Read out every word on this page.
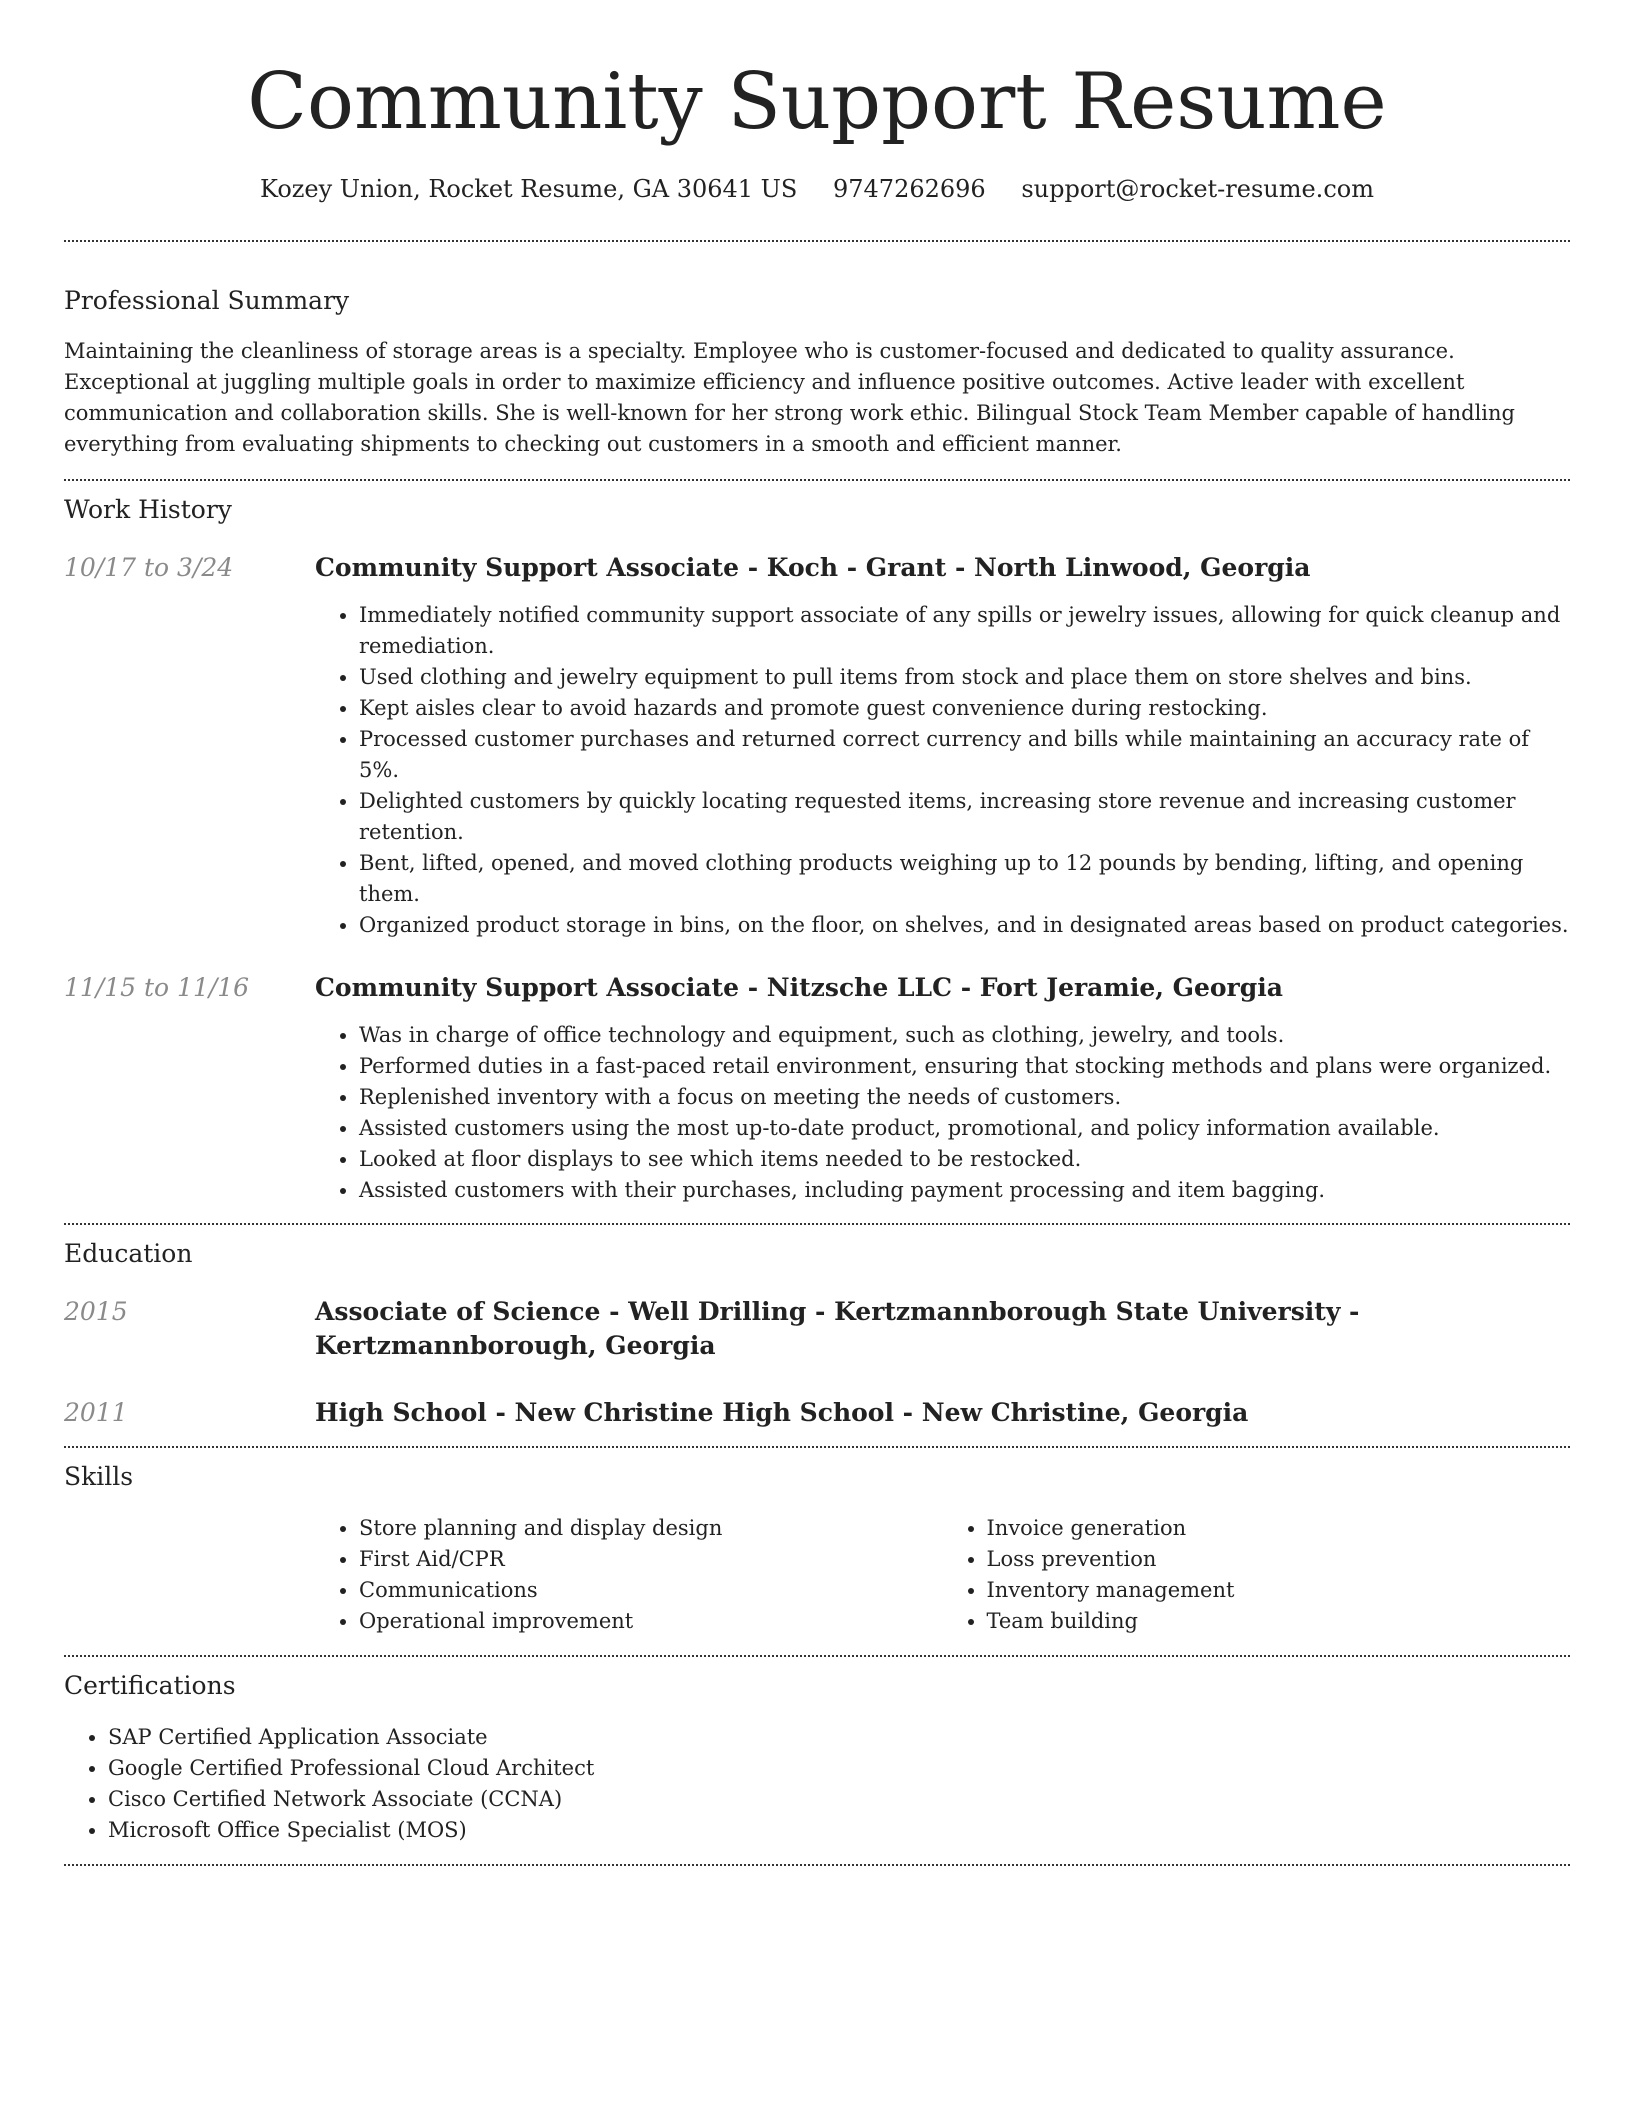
Community Support Resume
Kozey Union, Rocket Resume, GA 30641 US 9747262696 support@rocket-resume.com
Professional Summary

Maintaining the cleanliness of storage areas is a specialty. Employee who is customer-focused and dedicated to quality assurance. Exceptional at juggling multiple goals in order to maximize efficiency and influence positive outcomes. Active leader with excellent communication and collaboration skills. She is well-known for her strong work ethic. Bilingual Stock Team Member capable of handling everything from evaluating shipments to checking out customers in a smooth and efficient manner.

Work History
10/17 to 3/24	Community Support Associate - Koch - Grant - North Linwood, Georgia
• Immediately notified community support associate of any spills or jewelry issues, allowing for quick cleanup and remediation.
• Used clothing and jewelry equipment to pull items from stock and place them on store shelves and bins.
• Kept aisles clear to avoid hazards and promote guest convenience during restocking.
• Processed customer purchases and returned correct currency and bills while maintaining an accuracy rate of 5%.
• Delighted customers by quickly locating requested items, increasing store revenue and increasing customer retention.
• Bent, lifted, opened, and moved clothing products weighing up to 12 pounds by bending, lifting, and opening them.
• Organized product storage in bins, on the floor, on shelves, and in designated areas based on product categories.
11/15 to 11/16	Community Support Associate - Nitzsche LLC - Fort Jeramie, Georgia
• Was in charge of office technology and equipment, such as clothing, jewelry, and tools.
• Performed duties in a fast-paced retail environment, ensuring that stocking methods and plans were organized.
• Replenished inventory with a focus on meeting the needs of customers.
• Assisted customers using the most up-to-date product, promotional, and policy information available.
• Looked at floor displays to see which items needed to be restocked.
• Assisted customers with their purchases, including payment processing and item bagging.
Education
2015	Associate of Science - Well Drilling - Kertzmannborough State University - Kertzmannborough, Georgia
2011	High School - New Christine High School - New Christine, Georgia
Skills
• Store planning and display design
• First Aid/CPR
• Communications
• Operational improvement
• Invoice generation
• Loss prevention
• Inventory management
• Team building
Certifications
• SAP Certified Application Associate
• Google Certified Professional Cloud Architect
• Cisco Certified Network Associate (CCNA)
• Microsoft Office Specialist (MOS)
